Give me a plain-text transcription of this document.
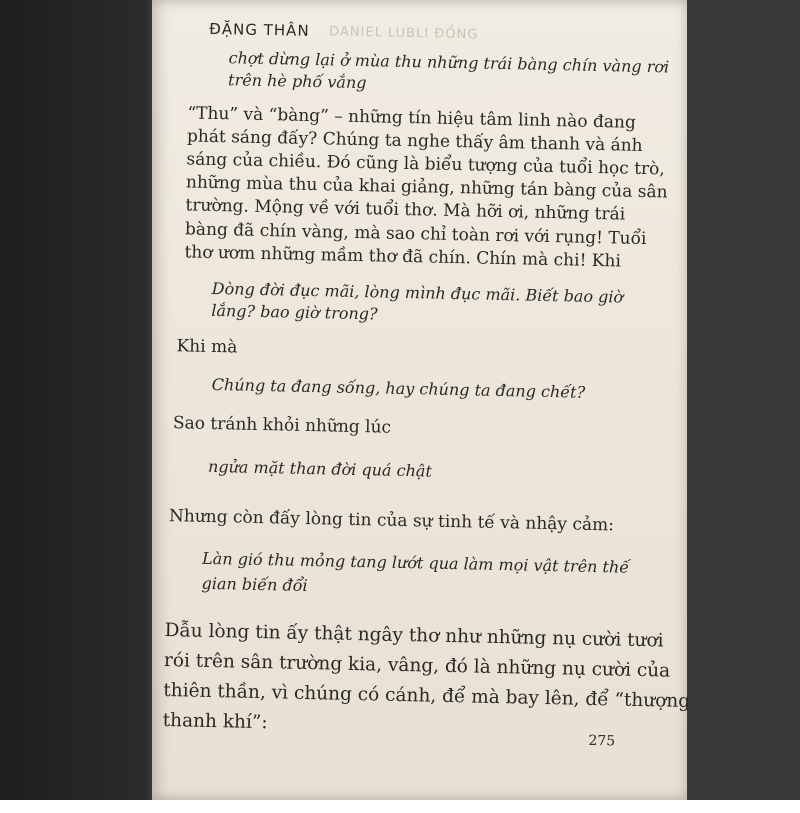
ĐẶNG THÂN DANIEL LUBLI ĐỒNG
chợt dừng lại ở mùa thu những trái bàng chín vàng rơi
trên hè phố vắng
“Thu” và “bàng” – những tín hiệu tâm linh nào đang
phát sáng đấy? Chúng ta nghe thấy âm thanh và ánh
sáng của chiều. Đó cũng là biểu tượng của tuổi học trò,
những mùa thu của khai giảng, những tán bàng của sân
trường. Mộng về với tuổi thơ. Mà hỡi ơi, những trái
bàng đã chín vàng, mà sao chỉ toàn rơi với rụng! Tuổi
thơ ươm những mầm thơ đã chín. Chín mà chi! Khi
Dòng đời đục mãi, lòng mình đục mãi. Biết bao giờ
lắng? bao giờ trong?
Khi mà
Chúng ta đang sống, hay chúng ta đang chết?
Sao tránh khỏi những lúc
ngửa mặt than đời quá chật
Nhưng còn đấy lòng tin của sự tinh tế và nhậy cảm:
Làn gió thu mỏng tang lướt qua làm mọi vật trên thế
gian biến đổi
Dẫu lòng tin ấy thật ngây thơ như những nụ cười tươi
rói trên sân trường kia, vâng, đó là những nụ cười của
thiên thần, vì chúng có cánh, để mà bay lên, để “thượng
thanh khí”:
275
